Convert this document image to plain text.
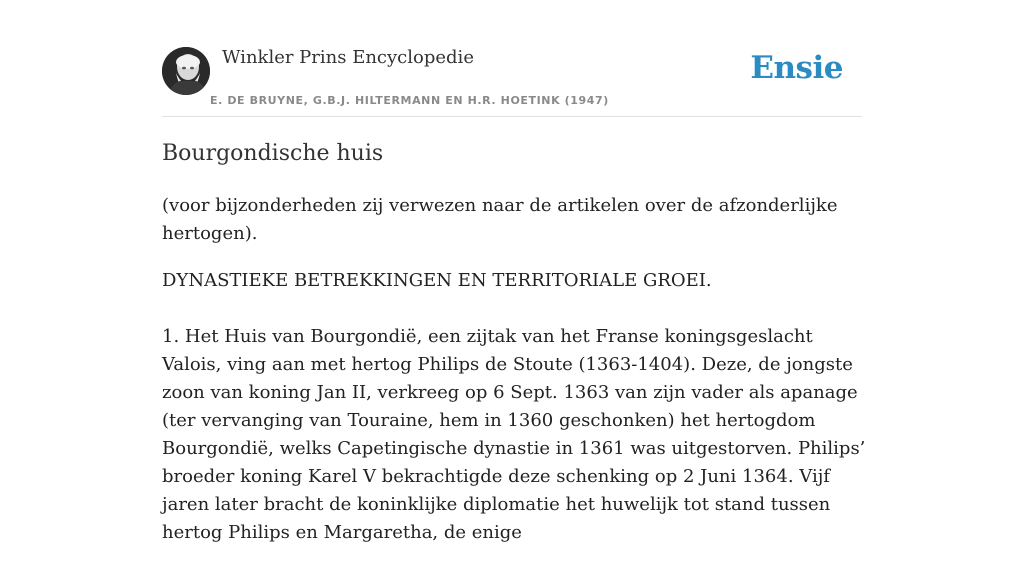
Winkler Prins Encyclopedie
E. DE BRUYNE, G.B.J. HILTERMANN EN H.R. HOETINK (1947)
Ensie
Bourgondische huis

(voor bijzonderheden zij verwezen naar de artikelen over de afzonderlijke hertogen).

DYNASTIEKE BETREKKINGEN EN TERRITORIALE GROEI.

1. Het Huis van Bourgondië, een zijtak van het Franse koningsgeslacht Valois, ving aan met hertog Philips de Stoute (1363-1404). Deze, de jongste zoon van koning Jan II, verkreeg op 6 Sept. 1363 van zijn vader als apanage (ter vervanging van Touraine, hem in 1360 geschonken) het hertogdom Bourgondië, welks Capetingische dynastie in 1361 was uitgestorven. Philips’ broeder koning Karel V bekrachtigde deze schenking op 2 Juni 1364. Vijf jaren later bracht de koninklijke diplomatie het huwelijk tot stand tussen hertog Philips en Margaretha, de enige
